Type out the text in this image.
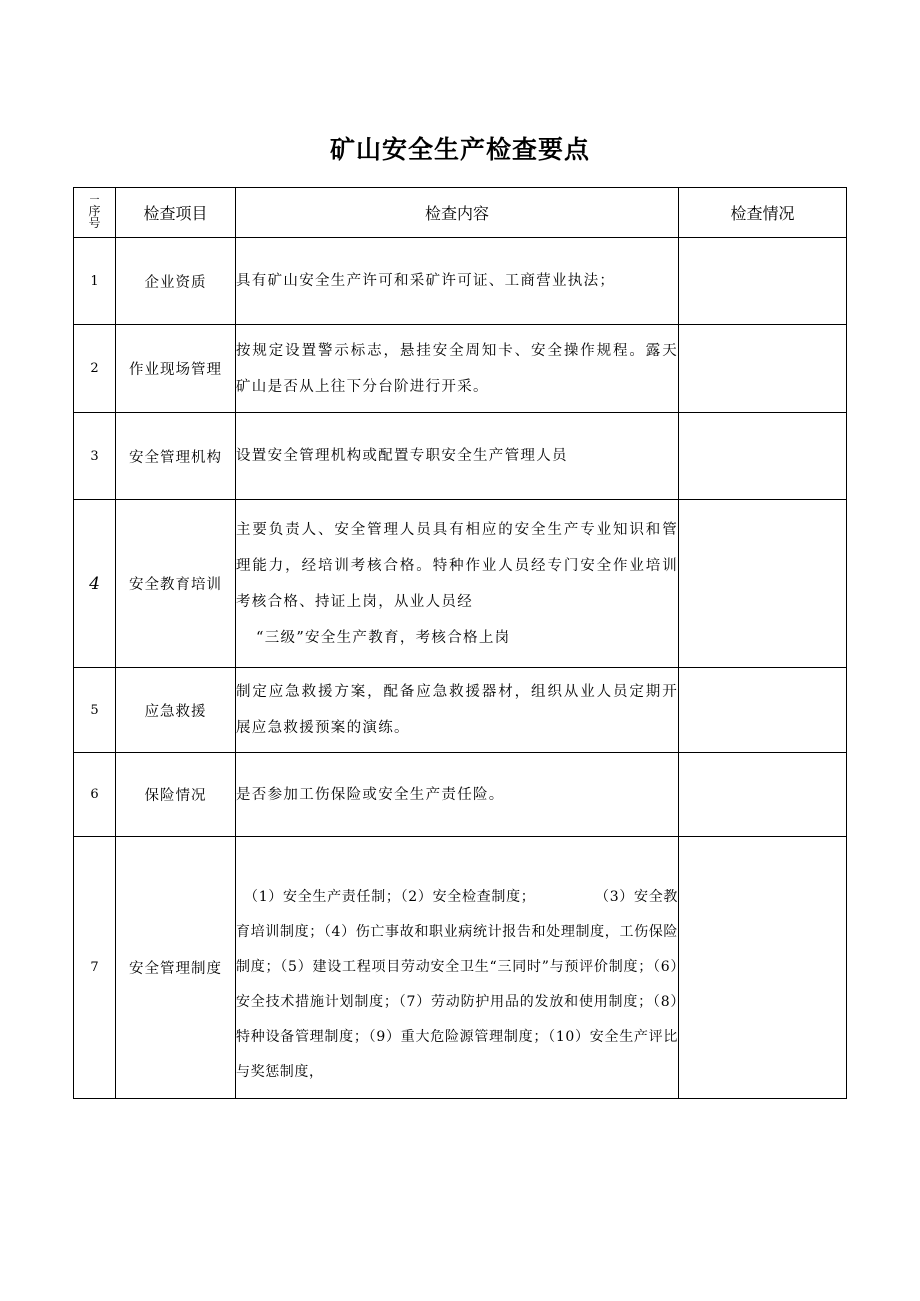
矿山安全生产检查要点
一
序
号	检查项目	检查内容	检查情况
1	企业资质	具有矿山安全生产许可和采矿许可证、工商营业执法；	

2	作业现场管理	按规定设置警示标志，悬挂安全周知卡、安全操作规程。露天矿山是否从上往下分台阶进行开采。	

3	安全管理机构	设置安全管理机构或配置专职安全生产管理人员	

4	安全教育培训	主要负责人、安全管理人员具有相应的安全生产专业知识和管理能力，经培训考核合格。特种作业人员经专门安全作业培训考核合格、持证上岗，从业人员经

“三级”安全生产教育，考核合格上岗	

5	应急救援	制定应急救援方案，配备应急救援器材，组织从业人员定期开展应急救援预案的演练。	

6	保险情况	是否参加工伤保险或安全生产责任险。	

7	安全管理制度	（1）安全生产责任制；（2）安全检查制度；　　　　　（3）安全教育培训制度；（4）伤亡事故和职业病统计报告和处理制度，工伤保险制度；（5）建设工程项目劳动安全卫生“三同时”与预评价制度；（6）安全技术措施计划制度；（7）劳动防护用品的发放和使用制度；（8）特种设备管理制度；（9）重大危险源管理制度；（10）安全生产评比与奖惩制度，	
